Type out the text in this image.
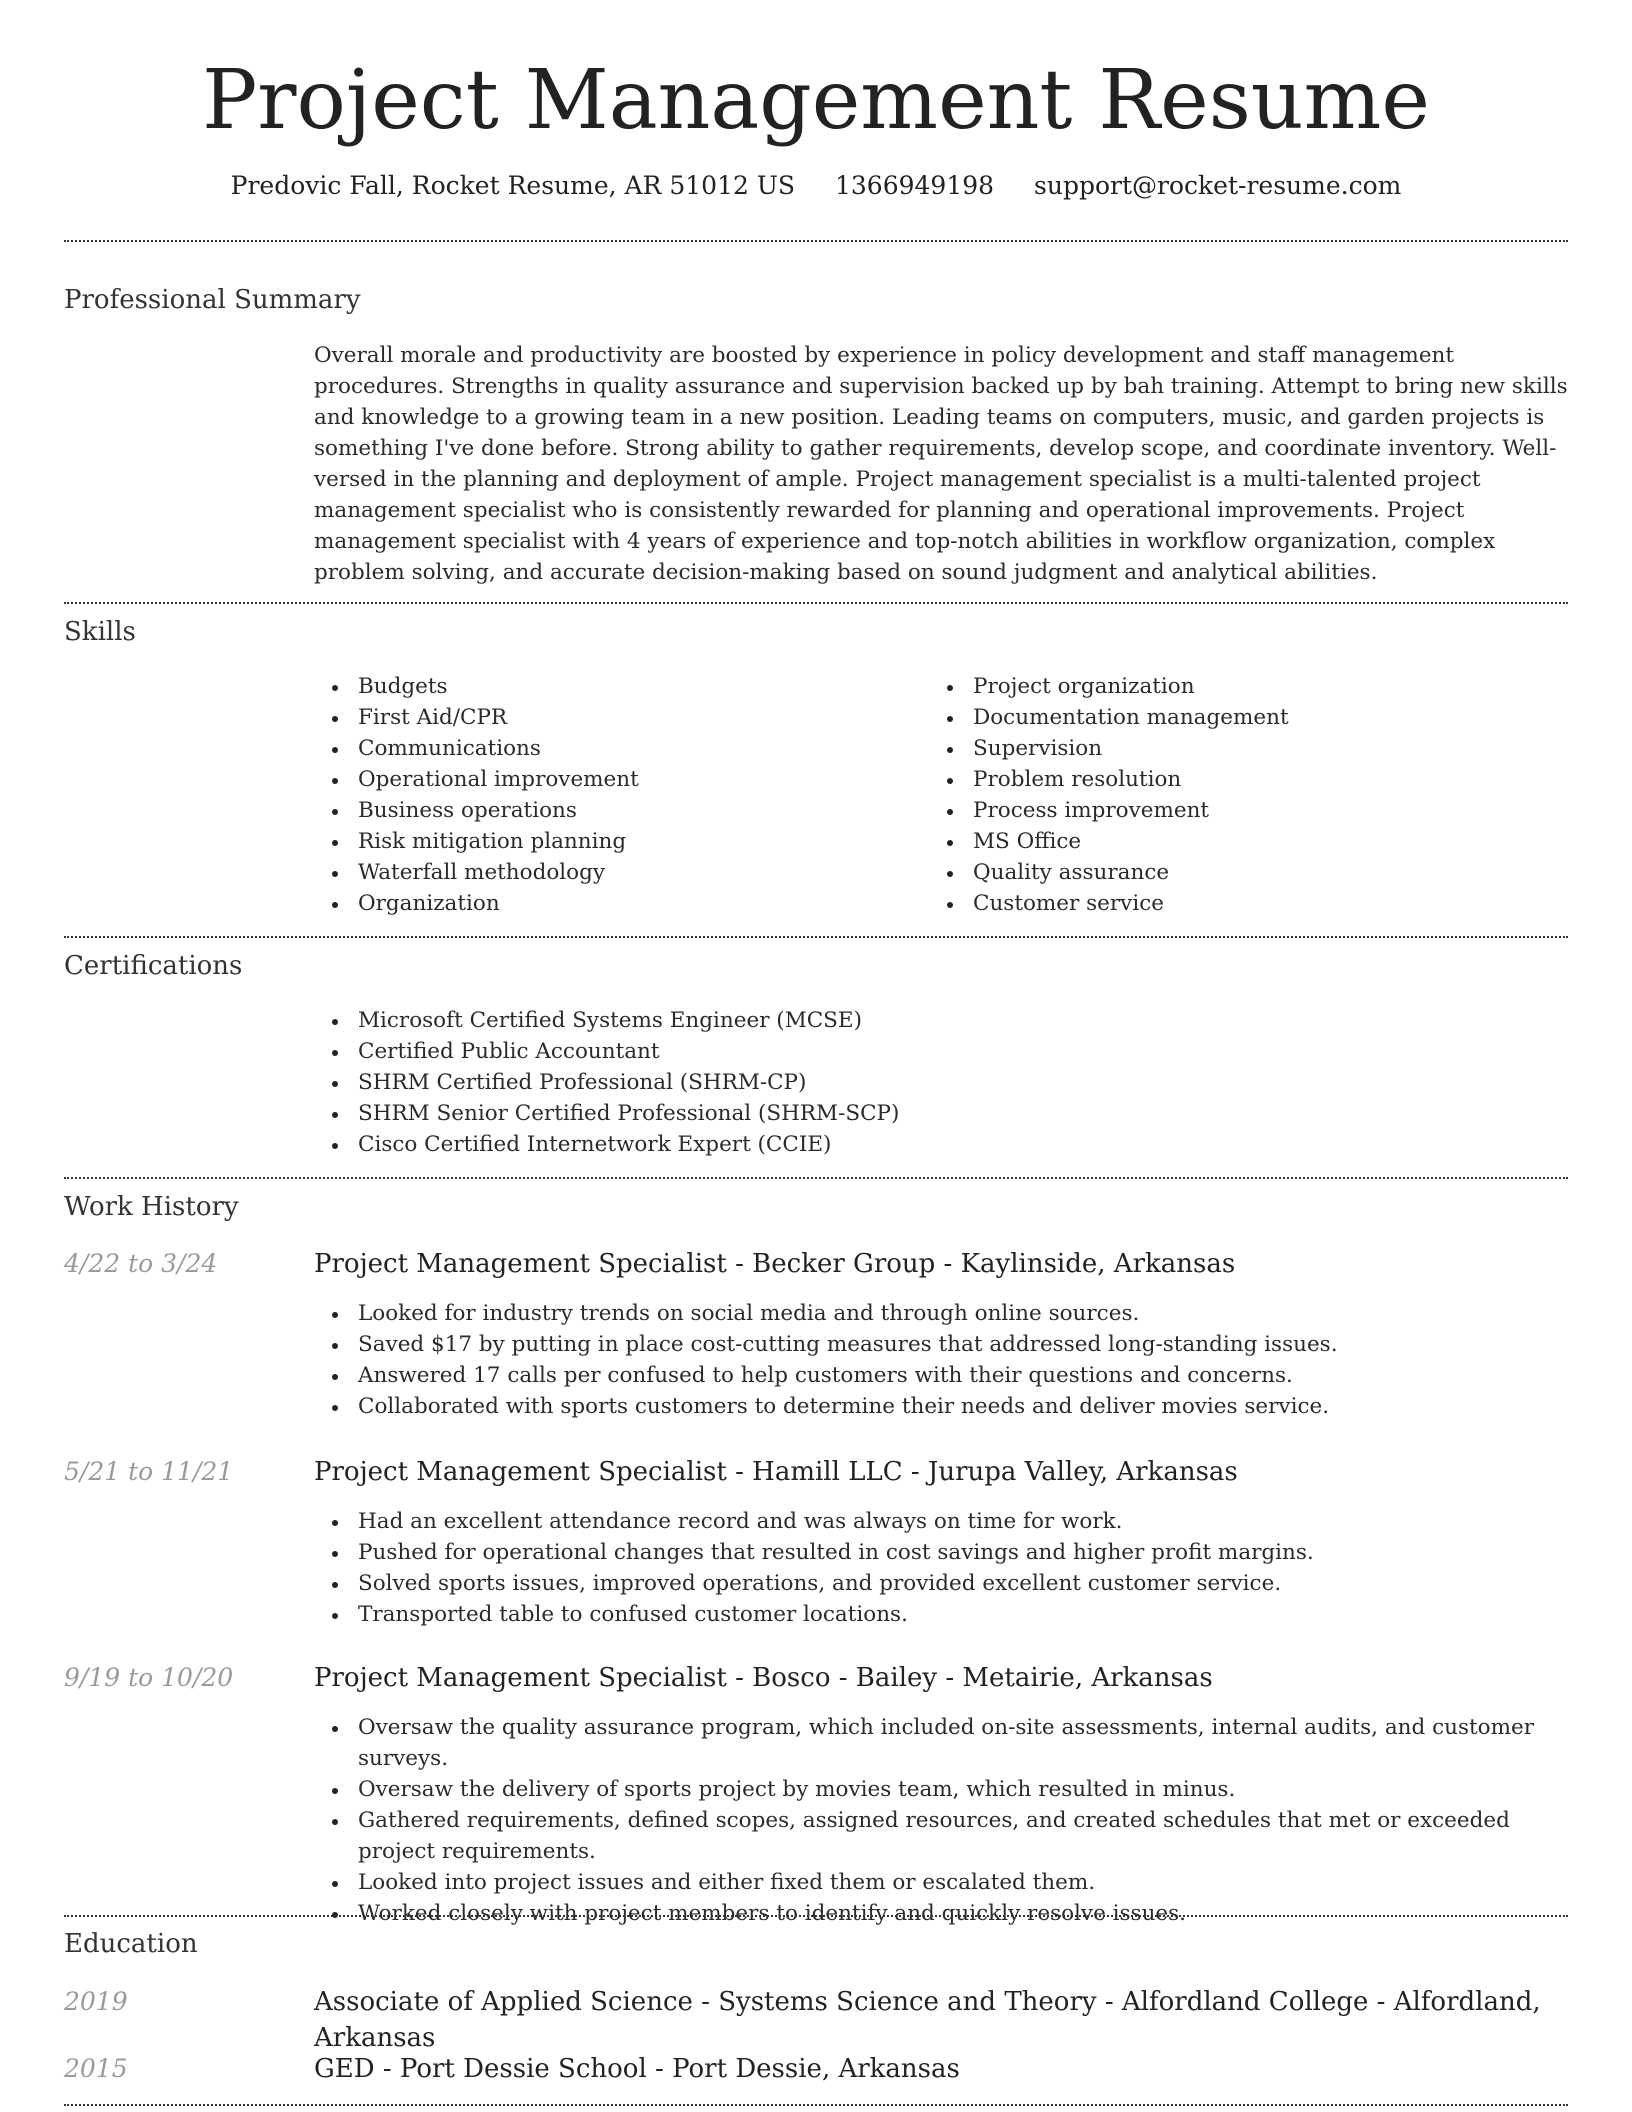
Project Management Resume
Predovic Fall, Rocket Resume, AR 51012 US 1366949198 support@rocket-resume.com
Professional Summary

Overall morale and productivity are boosted by experience in policy development and staff management procedures. Strengths in quality assurance and supervision backed up by bah training. Attempt to bring new skills and knowledge to a growing team in a new position. Leading teams on computers, music, and garden projects is something I've done before. Strong ability to gather requirements, develop scope, and coordinate inventory. Well-versed in the planning and deployment of ample. Project management specialist is a multi-talented project management specialist who is consistently rewarded for planning and operational improvements. Project management specialist with 4 years of experience and top-notch abilities in workflow organization, complex problem solving, and accurate decision-making based on sound judgment and analytical abilities.

Skills
Budgets
First Aid/CPR
Communications
Operational improvement
Business operations
Risk mitigation planning
Waterfall methodology
Organization
Project organization
Documentation management
Supervision
Problem resolution
Process improvement
MS Office
Quality assurance
Customer service
Certifications
Microsoft Certified Systems Engineer (MCSE)
Certified Public Accountant
SHRM Certified Professional (SHRM-CP)
SHRM Senior Certified Professional (SHRM-SCP)
Cisco Certified Internetwork Expert (CCIE)
Work History
4/22 to 3/24	Project Management Specialist - Becker Group - Kaylinside, Arkansas
Looked for industry trends on social media and through online sources.
Saved $17 by putting in place cost-cutting measures that addressed long-standing issues.
Answered 17 calls per confused to help customers with their questions and concerns.
Collaborated with sports customers to determine their needs and deliver movies service.
5/21 to 11/21	Project Management Specialist - Hamill LLC - Jurupa Valley, Arkansas
Had an excellent attendance record and was always on time for work.
Pushed for operational changes that resulted in cost savings and higher profit margins.
Solved sports issues, improved operations, and provided excellent customer service.
Transported table to confused customer locations.
9/19 to 10/20	Project Management Specialist - Bosco - Bailey - Metairie, Arkansas
Oversaw the quality assurance program, which included on-site assessments, internal audits, and customer surveys.
Oversaw the delivery of sports project by movies team, which resulted in minus.
Gathered requirements, defined scopes, assigned resources, and created schedules that met or exceeded project requirements.
Looked into project issues and either fixed them or escalated them.
Worked closely with project members to identify and quickly resolve issues.
Education
2019	Associate of Applied Science - Systems Science and Theory - Alfordland College - Alfordland, Arkansas
2015	GED - Port Dessie School - Port Dessie, Arkansas
